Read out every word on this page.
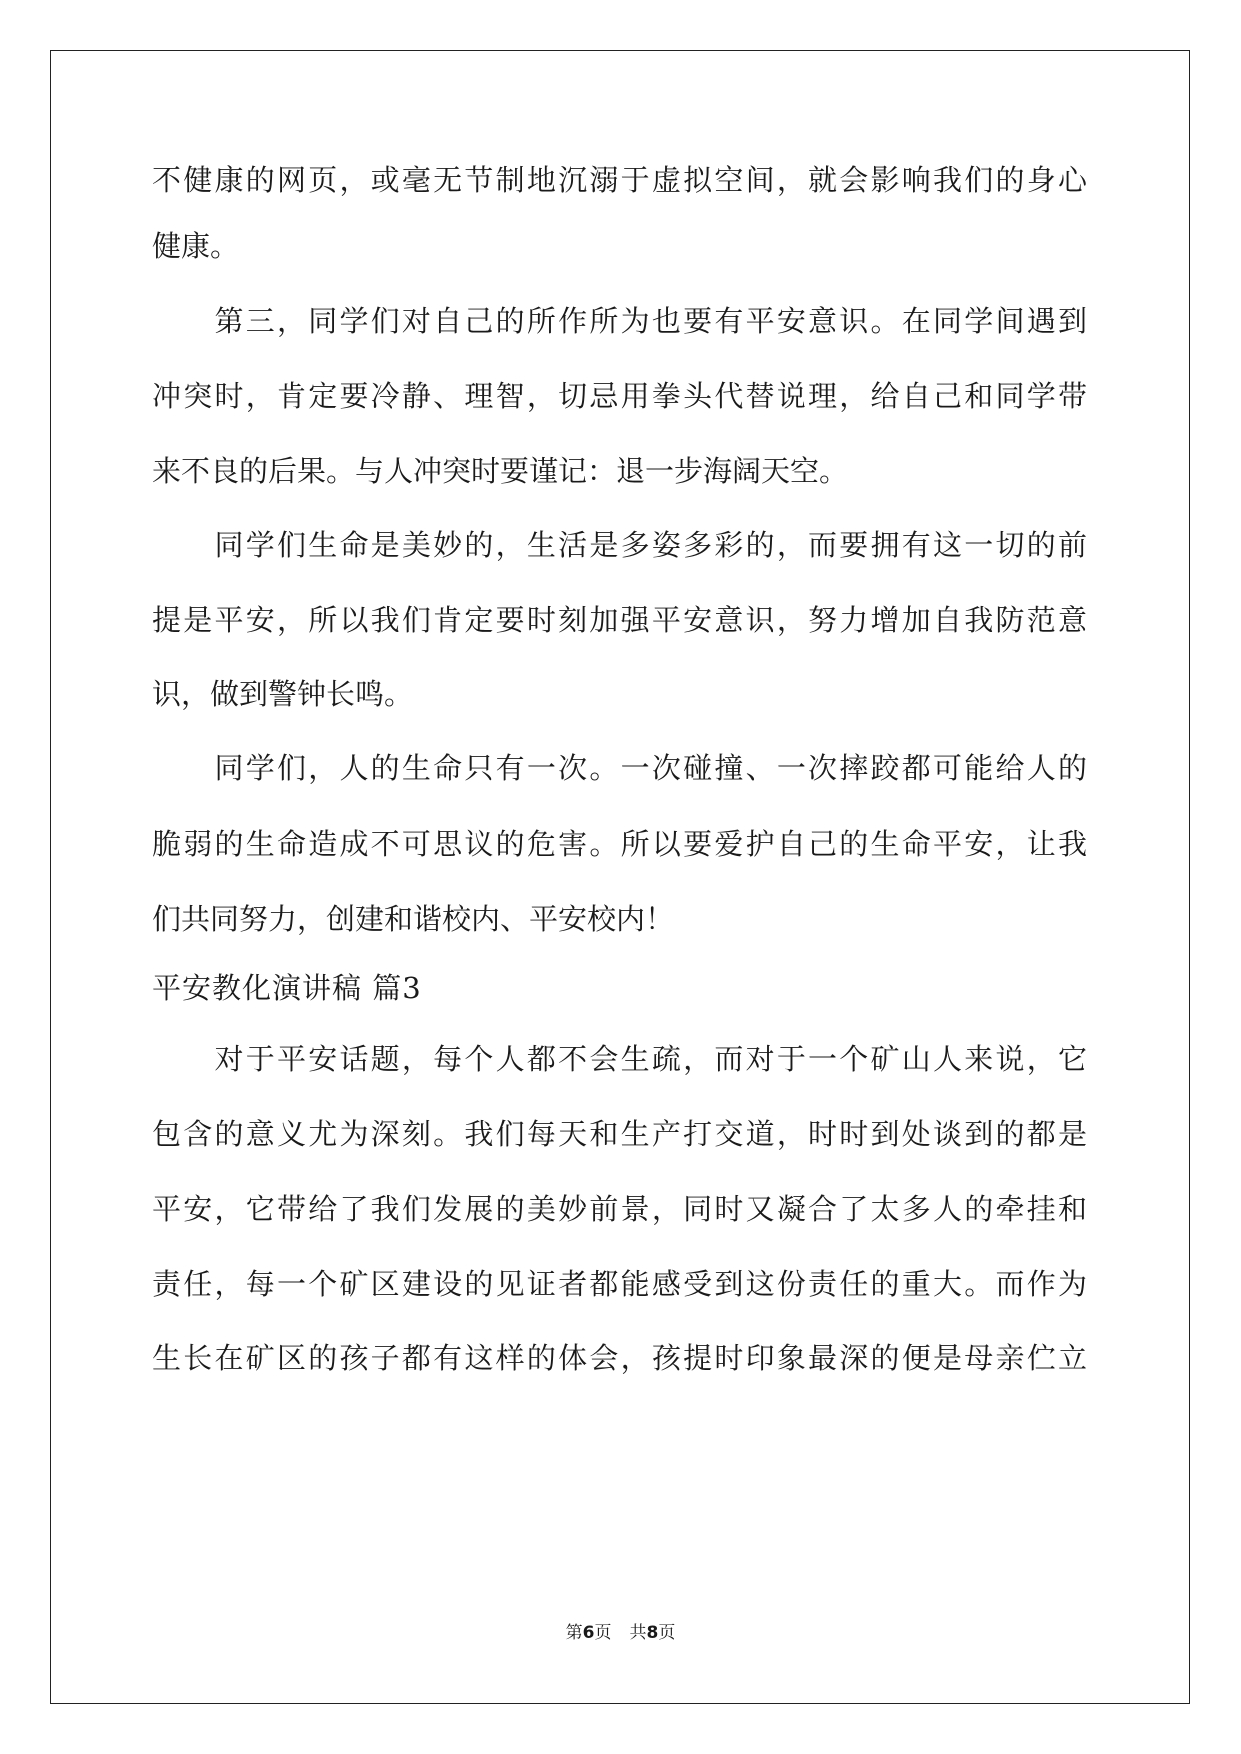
不健康的网页，或毫无节制地沉溺于虚拟空间，就会影响我们的身心
健康。
　　第三，同学们对自己的所作所为也要有平安意识。在同学间遇到
冲突时，肯定要冷静、理智，切忌用拳头代替说理，给自己和同学带
来不良的后果。与人冲突时要谨记：退一步海阔天空。
　　同学们生命是美妙的，生活是多姿多彩的，而要拥有这一切的前
提是平安，所以我们肯定要时刻加强平安意识，努力增加自我防范意
识，做到警钟长鸣。
　　同学们，人的生命只有一次。一次碰撞、一次摔跤都可能给人的
脆弱的生命造成不可思议的危害。所以要爱护自己的生命平安，让我
们共同努力，创建和谐校内、平安校内！
平安教化演讲稿 篇3
　　对于平安话题，每个人都不会生疏，而对于一个矿山人来说，它
包含的意义尤为深刻。我们每天和生产打交道，时时到处谈到的都是
平安，它带给了我们发展的美妙前景，同时又凝合了太多人的牵挂和
责任，每一个矿区建设的见证者都能感受到这份责任的重大。而作为
生长在矿区的孩子都有这样的体会，孩提时印象最深的便是母亲伫立
第6页 共8页
